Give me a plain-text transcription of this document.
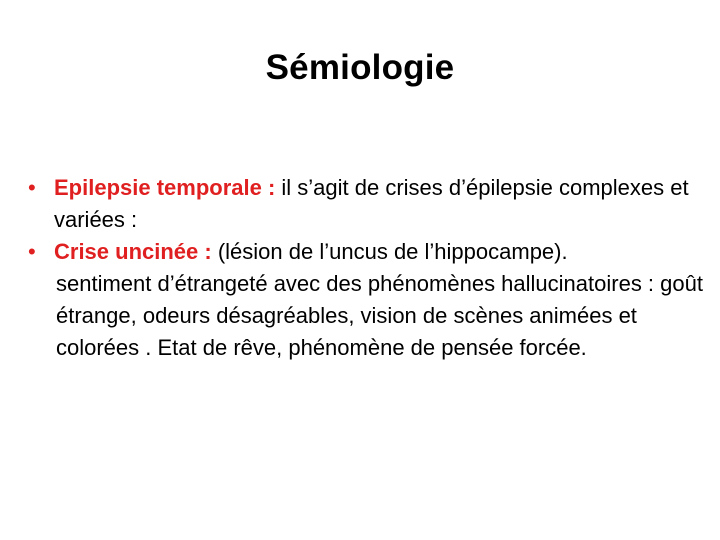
Sémiologie
• Epilepsie temporale : il s’agit de crises d’épilepsie complexes et variées :
• Crise uncinée : (lésion de l’uncus de l’hippocampe).
sentiment d’étrangeté avec des phénomènes hallucinatoires : goût étrange, odeurs désagréables, vision de scènes animées et colorées . Etat de rêve, phénomène de pensée forcée.
